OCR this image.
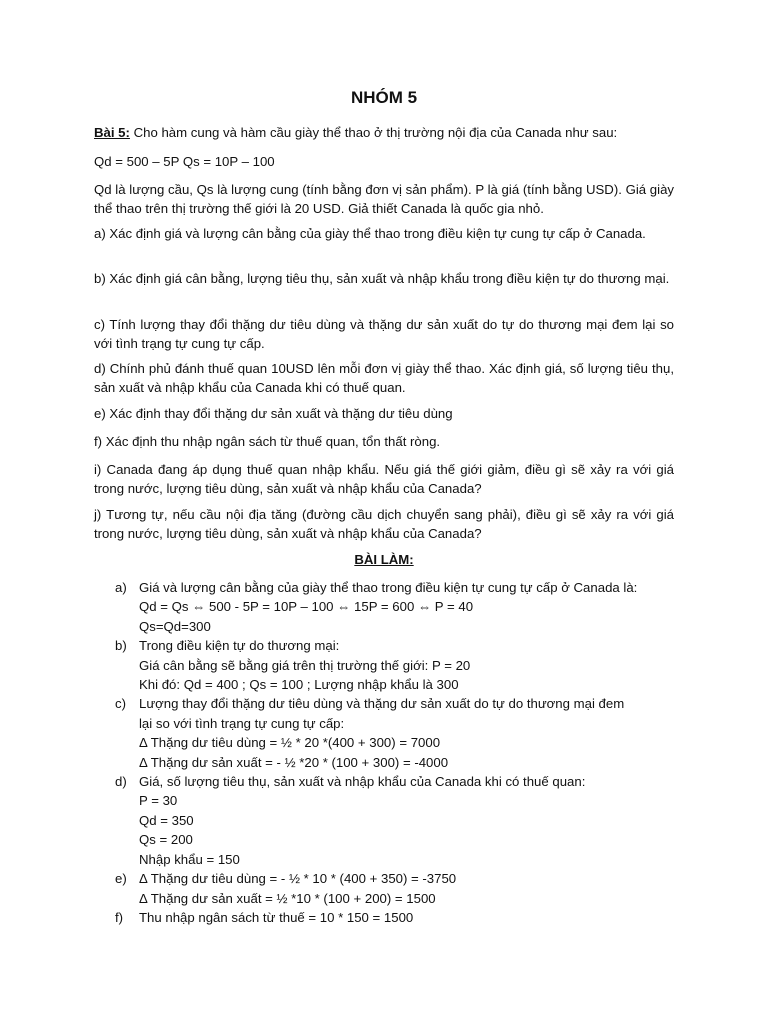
NHÓM 5
Bài 5: Cho hàm cung và hàm cầu giày thể thao ở thị trường nội địa của Canada như sau:
Qd = 500 – 5P Qs = 10P – 100
Qd là lượng cầu, Qs là lượng cung (tính bằng đơn vị sản phẩm). P là giá (tính bằng USD). Giá giày thể thao trên thị trường thế giới là 20 USD. Giả thiết Canada là quốc gia nhỏ.
a) Xác định giá và lượng cân bằng của giày thể thao trong điều kiện tự cung tự cấp ở Canada.
b) Xác định giá cân bằng, lượng tiêu thụ, sản xuất và nhập khẩu trong điều kiện tự do thương mại.
c) Tính lượng thay đổi thặng dư tiêu dùng và thặng dư sản xuất do tự do thương mại đem lại so với tình trạng tự cung tự cấp.
d) Chính phủ đánh thuế quan 10USD lên mỗi đơn vị giày thể thao. Xác định giá, số lượng tiêu thụ, sản xuất và nhập khẩu của Canada khi có thuế quan.
e) Xác định thay đổi thặng dư sản xuất và thặng dư tiêu dùng
f) Xác định thu nhập ngân sách từ thuế quan, tổn thất ròng.
i) Canada đang áp dụng thuế quan nhập khẩu. Nếu giá thế giới giảm, điều gì sẽ xảy ra với giá trong nước, lượng tiêu dùng, sản xuất và nhập khẩu của Canada?
j) Tương tự, nếu cầu nội địa tăng (đường cầu dịch chuyển sang phải), điều gì sẽ xảy ra với giá trong nước, lượng tiêu dùng, sản xuất và nhập khẩu của Canada?
BÀI LÀM:
a) Giá và lượng cân bằng của giày thể thao trong điều kiện tự cung tự cấp ở Canada là:
Qd = Qs ⇔ 500 - 5P = 10P – 100 ⇔ 15P = 600 ⇔ P = 40
Qs=Qd=300
b) Trong điều kiện tự do thương mại:
Giá cân bằng sẽ bằng giá trên thị trường thế giới: P = 20
Khi đó: Qd = 400 ; Qs = 100 ; Lượng nhập khẩu là 300
c) Lượng thay đổi thặng dư tiêu dùng và thặng dư sản xuất do tự do thương mại đem
lại so với tình trạng tự cung tự cấp:
Δ Thặng dư tiêu dùng = ½ * 20 *(400 + 300) = 7000
Δ Thặng dư sản xuất = - ½ *20 * (100 + 300) = -4000
d) Giá, số lượng tiêu thụ, sản xuất và nhập khẩu của Canada khi có thuế quan:
P = 30
Qd = 350
Qs = 200
Nhập khẩu = 150
e) Δ Thặng dư tiêu dùng = - ½ * 10 * (400 + 350) = -3750
Δ Thặng dư sản xuất = ½ *10 * (100 + 200) = 1500
f) Thu nhập ngân sách từ thuế = 10 * 150 = 1500
